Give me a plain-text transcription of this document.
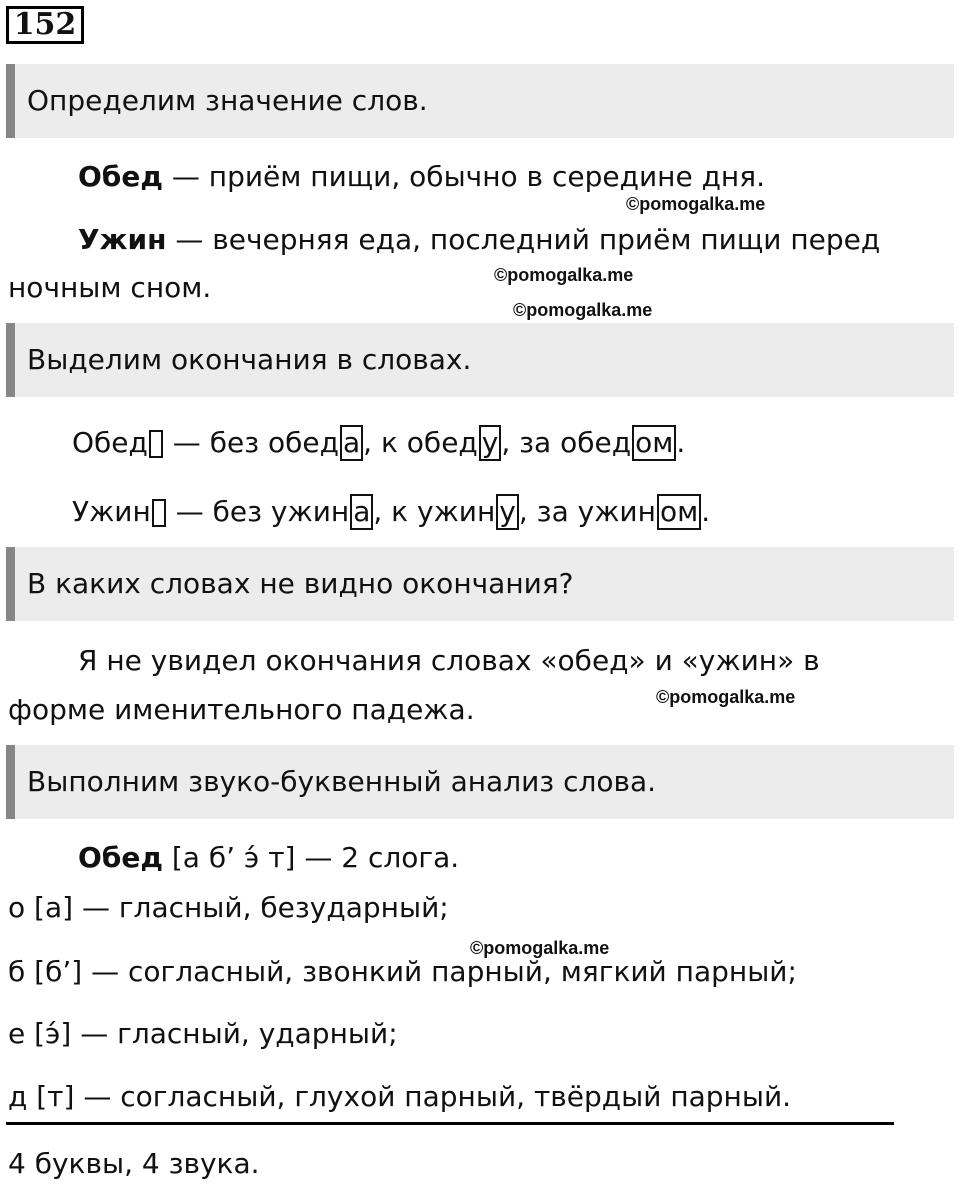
152
Определим значение слов.
Обед — приём пищи, обычно в середине дня.
©pomogalka.me
Ужин — вечерняя еда, последний приём пищи перед
©pomogalka.me
ночным сном.
©pomogalka.me
Выделим окончания в словах.
Обед — без обед а , к обед у , за обед ом .
Ужин — без ужин а , к ужин у , за ужин ом .
В каких словах не видно окончания?
Я не увидел окончания словах «обед» и «ужин» в
©pomogalka.me
форме именительного падежа.
Выполним звуко-буквенный анализ слова.
Обед [а б’ э́ т] — 2 слога.
о [а] — гласный, безударный;
©pomogalka.me
б [б’] — согласный, звонкий парный, мягкий парный;
е [э́] — гласный, ударный;
д [т] — согласный, глухой парный, твёрдый парный.
4 буквы, 4 звука.
